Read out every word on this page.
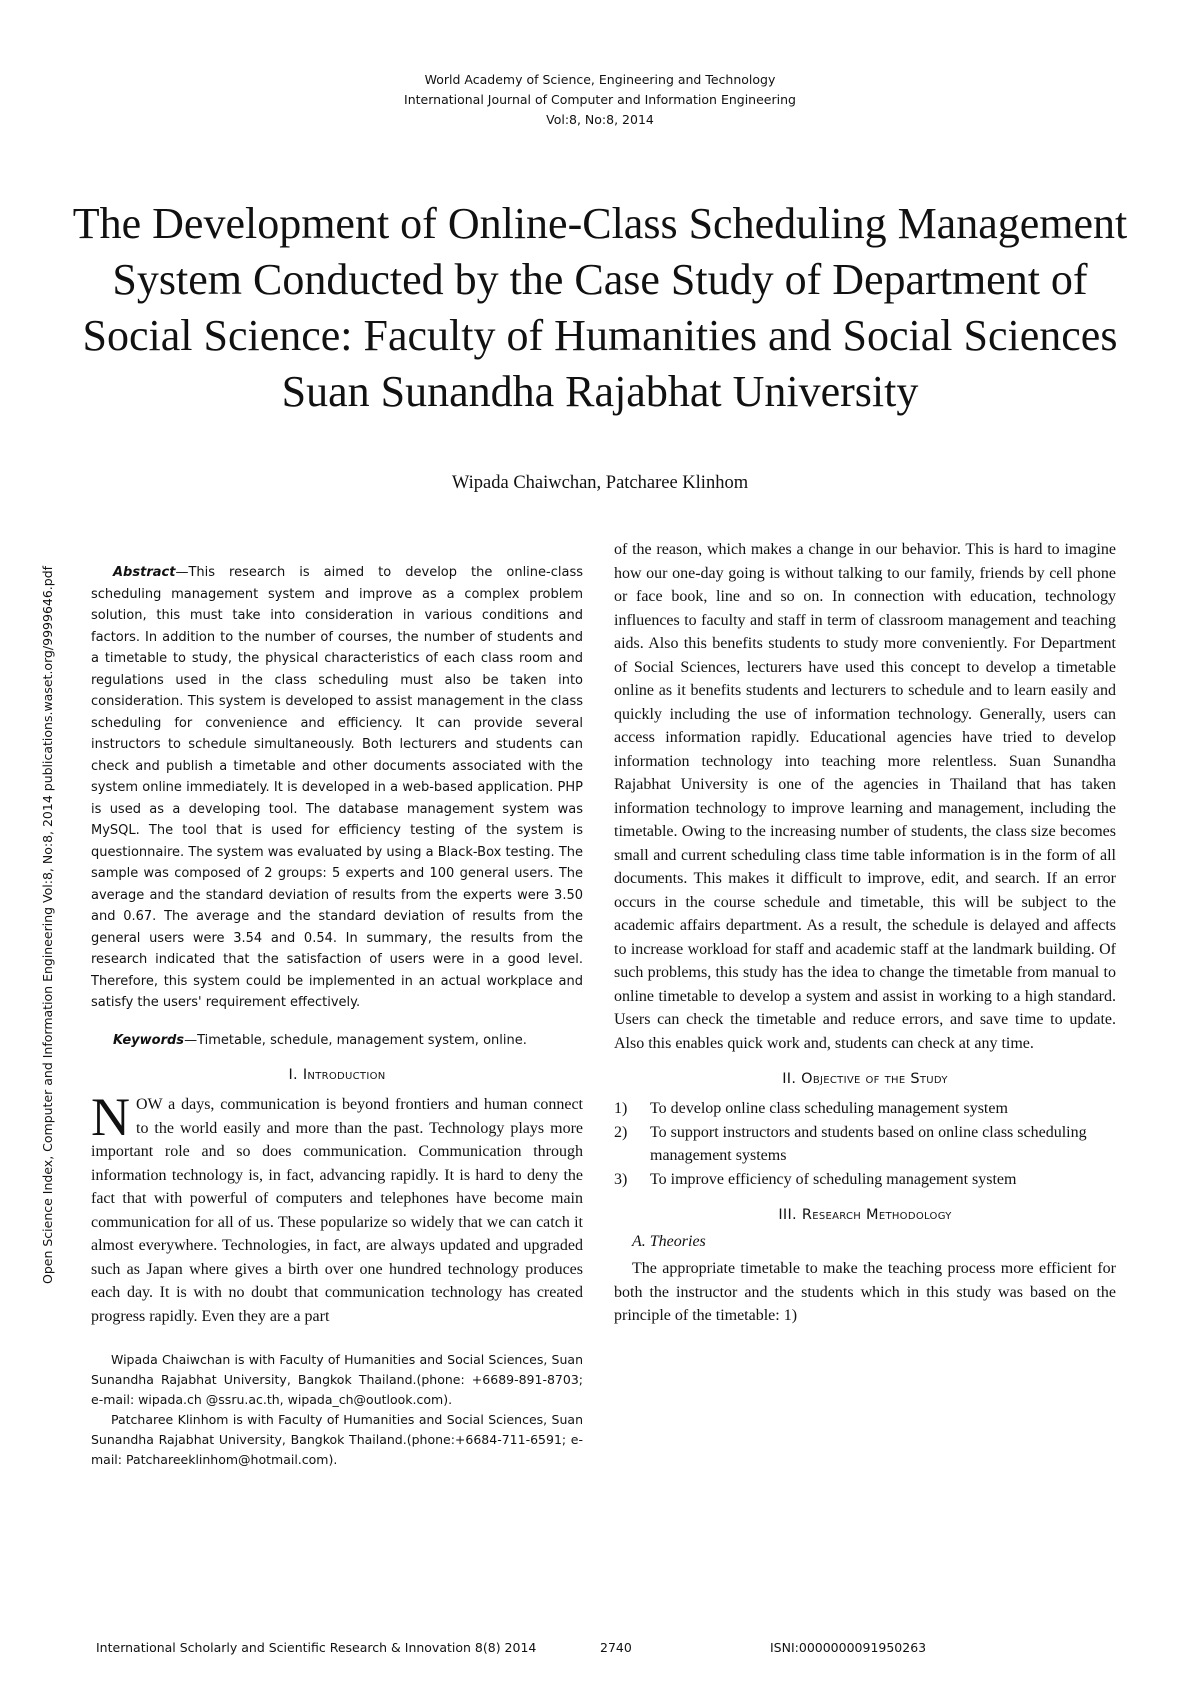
World Academy of Science, Engineering and Technology
International Journal of Computer and Information Engineering
Vol:8, No:8, 2014
The Development of Online-Class Scheduling Management System Conducted by the Case Study of Department of Social Science: Faculty of Humanities and Social Sciences Suan Sunandha Rajabhat University
Wipada Chaiwchan, Patcharee Klinhom
Open Science Index, Computer and Information Engineering Vol:8, No:8, 2014 publications.waset.org/9999646.pdf	Abstract—This research is aimed to develop the online-class scheduling management system and improve as a complex problem solution, this must take into consideration in various conditions and factors. In addition to the number of courses, the number of students and a timetable to study, the physical characteristics of each class room and regulations used in the class scheduling must also be taken into consideration. This system is developed to assist management in the class scheduling for convenience and efficiency. It can provide several instructors to schedule simultaneously. Both lecturers and students can check and publish a timetable and other documents associated with the system online immediately. It is developed in a web-based application. PHP is used as a developing tool. The database management system was MySQL. The tool that is used for efficiency testing of the system is questionnaire. The system was evaluated by using a Black-Box testing. The sample was composed of 2 groups: 5 experts and 100 general users. The average and the standard deviation of results from the experts were 3.50 and 0.67. The average and the standard deviation of results from the general users were 3.54 and 0.54. In summary, the results from the research indicated that the satisfaction of users were in a good level. Therefore, this system could be implemented in an actual workplace and satisfy the users' requirement effectively.

Keywords—Timetable, schedule, management system, online.

I. Introduction

NOW a days, communication is beyond frontiers and human connect to the world easily and more than the past. Technology plays more important role and so does communication. Communication through information technology is, in fact, advancing rapidly. It is hard to deny the fact that with powerful of computers and telephones have become main communication for all of us. These popularize so widely that we can catch it almost everywhere. Technologies, in fact, are always updated and upgraded such as Japan where gives a birth over one hundred technology produces each day. It is with no doubt that communication technology has created progress rapidly. Even they are a part

Wipada Chaiwchan is with Faculty of Humanities and Social Sciences, Suan Sunandha Rajabhat University, Bangkok Thailand.(phone: +6689-891-8703; e-mail: wipada.ch @ssru.ac.th, wipada_ch@outlook.com).

Patcharee Klinhom is with Faculty of Humanities and Social Sciences, Suan Sunandha Rajabhat University, Bangkok Thailand.(phone:+6684-711-6591; e-mail: Patchareeklinhom@hotmail.com).

of the reason, which makes a change in our behavior. This is hard to imagine how our one-day going is without talking to our family, friends by cell phone or face book, line and so on. In connection with education, technology influences to faculty and staff in term of classroom management and teaching aids. Also this benefits students to study more conveniently. For Department of Social Sciences, lecturers have used this concept to develop a timetable online as it benefits students and lecturers to schedule and to learn easily and quickly including the use of information technology. Generally, users can access information rapidly. Educational agencies have tried to develop information technology into teaching more relentless. Suan Sunandha Rajabhat University is one of the agencies in Thailand that has taken information technology to improve learning and management, including the timetable. Owing to the increasing number of students, the class size becomes small and current scheduling class time table information is in the form of all documents. This makes it difficult to improve, edit, and search. If an error occurs in the course schedule and timetable, this will be subject to the academic affairs department. As a result, the schedule is delayed and affects to increase workload for staff and academic staff at the landmark building. Of such problems, this study has the idea to change the timetable from manual to online timetable to develop a system and assist in working to a high standard. Users can check the timetable and reduce errors, and save time to update. Also this enables quick work and, students can check at any time.

II. Objective of the Study
1) To develop online class scheduling management system
2) To support instructors and students based on online class scheduling management systems
3) To improve efficiency of scheduling management system
III. Research Methodology
A. Theories

The appropriate timetable to make the teaching process more efficient for both the instructor and the students which in this study was based on the principle of the timetable: 1)

International Scholarly and Scientific Research & Innovation 8(8) 2014	2740	ISNI:0000000091950263
